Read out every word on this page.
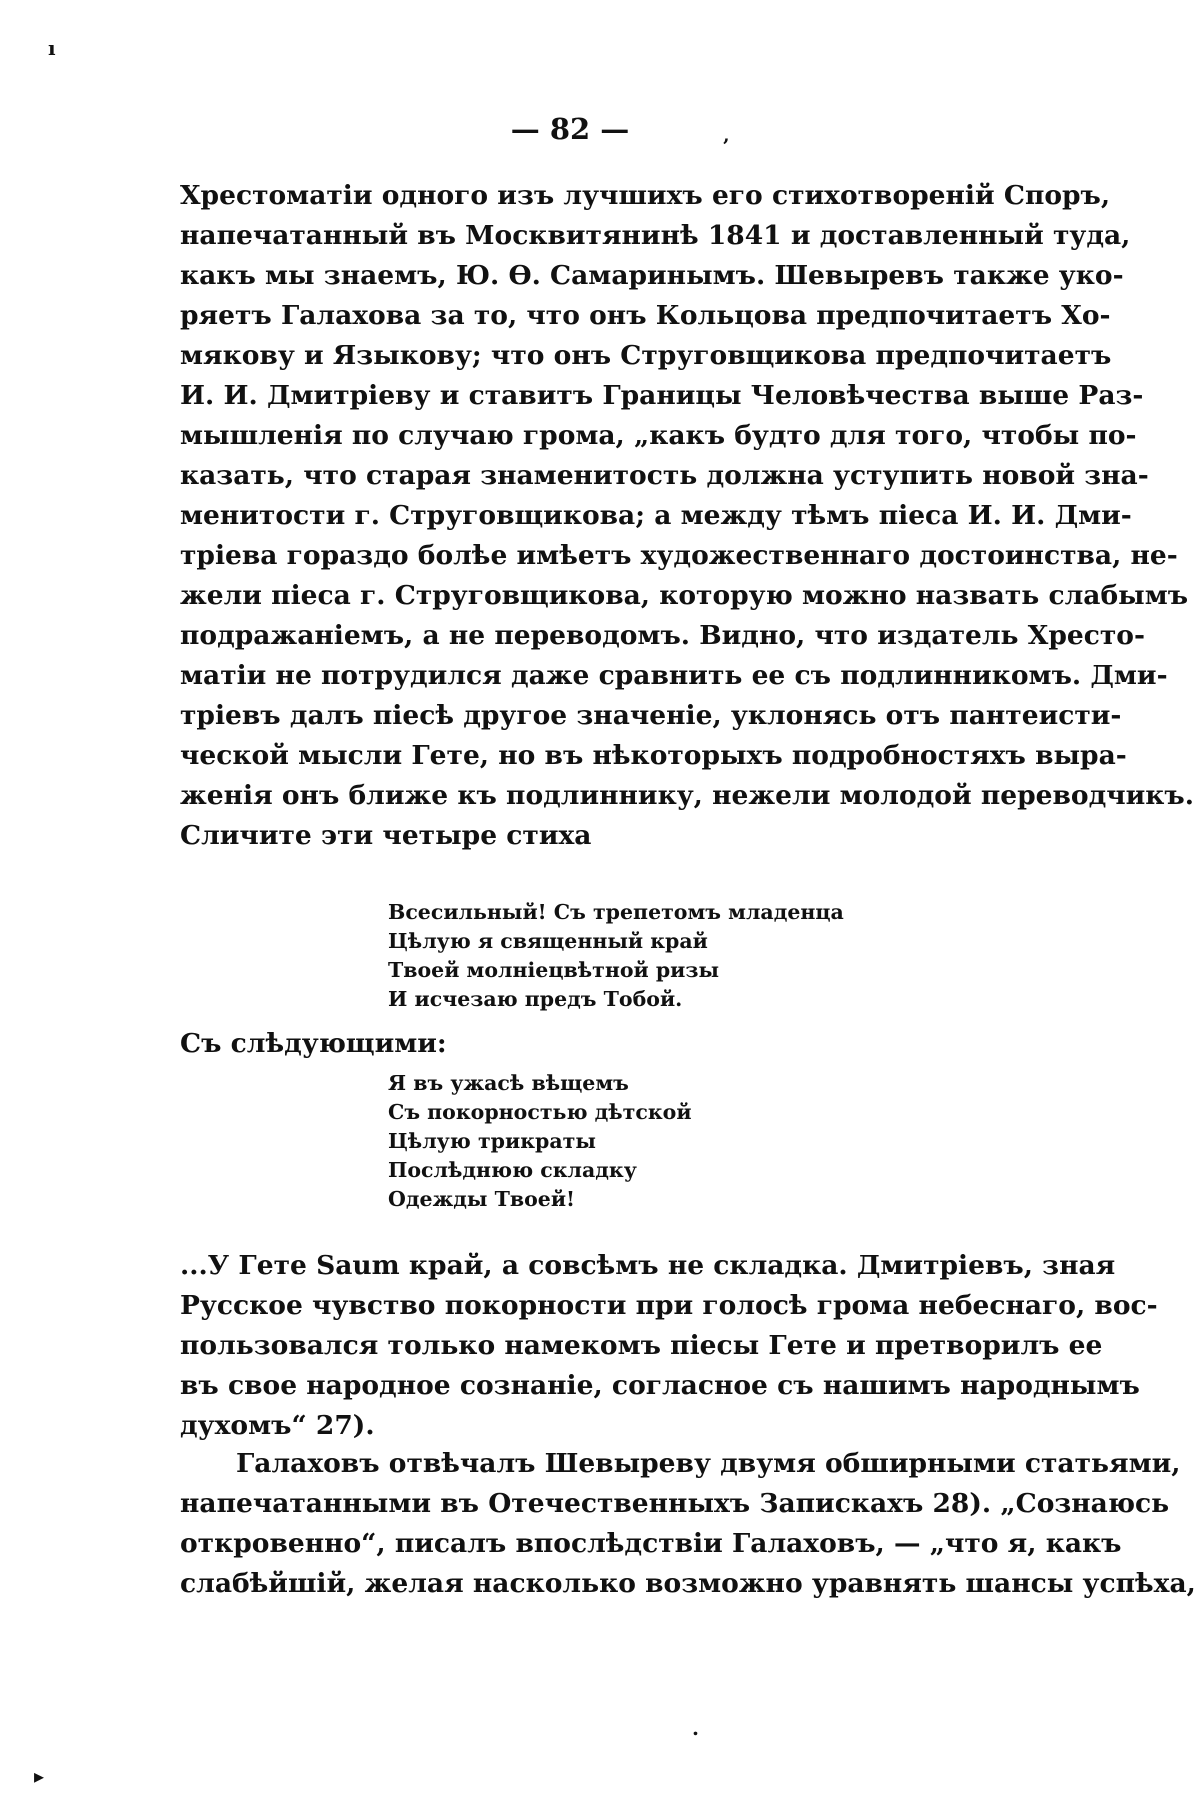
— 82 —
ı
ʼ
Хрестоматiи одного изъ лучшихъ его стихотворенiй Споръ,
напечатанный въ Москвитянинѣ 1841 и доставленный туда,
какъ мы знаемъ, Ю. Ѳ. Самаринымъ. Шевыревъ также уко-
ряетъ Галахова за то, что онъ Кольцова предпочитаетъ Хо-
мякову и Языкову; что онъ Струговщикова предпочитаетъ
И. И. Дмитрiеву и ставитъ Границы Человѣчества выше Раз-
мышленiя по случаю грома, „какъ будто для того, чтобы по-
казать, что старая знаменитость должна уступить новой зна-
менитости г. Струговщикова; а между тѣмъ пiеса И. И. Дми-
трiева гораздо болѣе имѣетъ художественнаго достоинства, не-
жели пiеса г. Струговщикова, которую можно назвать слабымъ
подражанiемъ, а не переводомъ. Видно, что издатель Хресто-
матiи не потрудился даже сравнить ее съ подлинникомъ. Дми-
трiевъ далъ пiесѣ другое значенiе, уклонясь отъ пантеисти-
ческой мысли Гете, но въ нѣкоторыхъ подробностяхъ выра-
женiя онъ ближе къ подлиннику, нежели молодой переводчикъ.
Сличите эти четыре стиха
Всесильный! Съ трепетомъ младенца
Цѣлую я священный край
Твоей молнiецвѣтной ризы
И исчезаю предъ Тобой.
Съ слѣдующими:
Я въ ужасѣ вѣщемъ
Съ покорностью дѣтской
Цѣлую трикраты
Послѣднюю складку
Одежды Твоей!
...У Гете Saum край, а совсѣмъ не складка. Дмитрiевъ, зная
Русское чувство покорности при голосѣ грома небеснаго, вос-
пользовался только намекомъ пiесы Гете и претворилъ ее
въ свое народное сознанiе, согласное съ нашимъ народнымъ
духомъ“ 27).
Галаховъ отвѣчалъ Шевыреву двумя обширными статьями,
напечатанными въ Отечественныхъ Запискахъ 28). „Сознаюсь
откровенно“, писалъ впослѣдствiи Галаховъ, — „что я, какъ
слабѣйшiй, желая насколько возможно уравнять шансы успѣха,
.
▸
